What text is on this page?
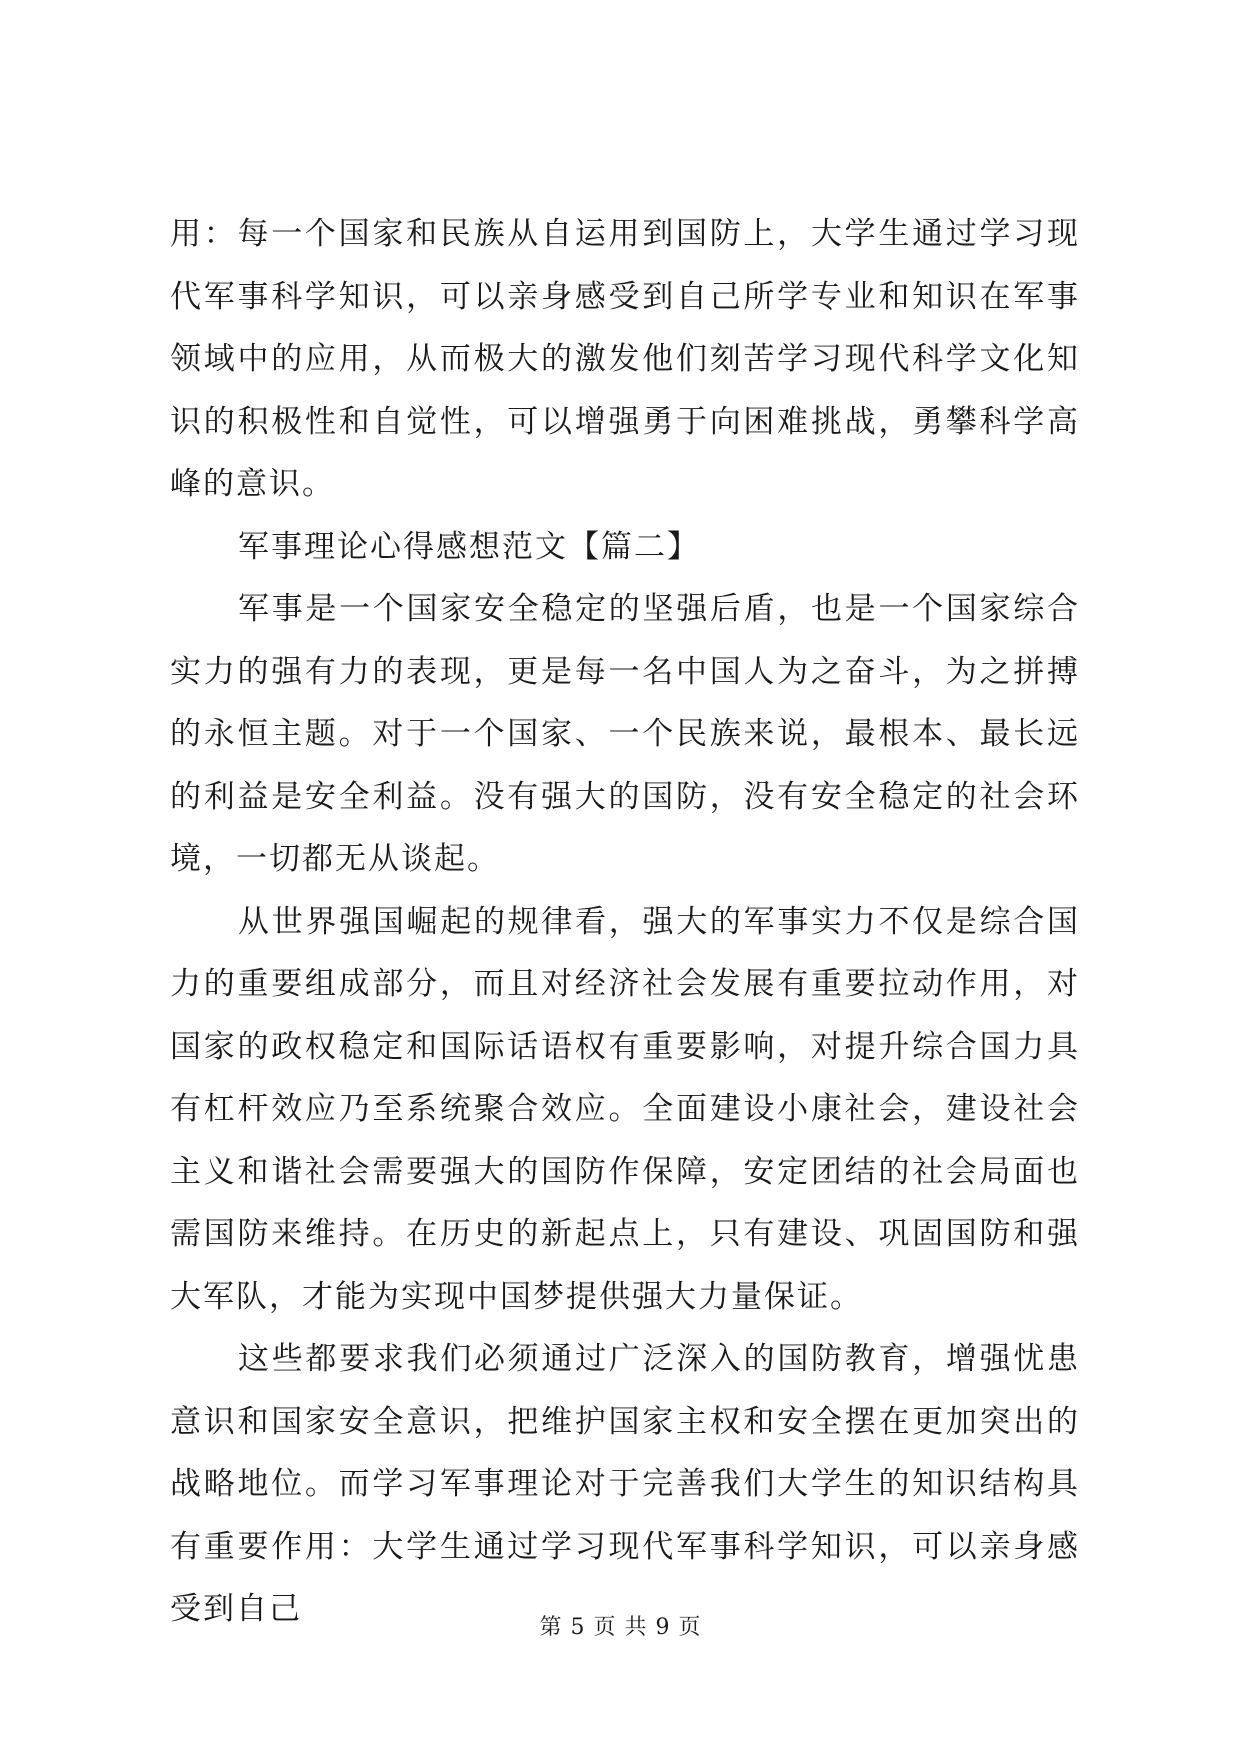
用：每一个国家和民族从自运用到国防上，大学生通过学习现代军事科学知识，可以亲身感受到自己所学专业和知识在军事领域中的应用，从而极大的激发他们刻苦学习现代科学文化知识的积极性和自觉性，可以增强勇于向困难挑战，勇攀科学高峰的意识。

军事理论心得感想范文【篇二】

军事是一个国家安全稳定的坚强后盾，也是一个国家综合实力的强有力的表现，更是每一名中国人为之奋斗，为之拼搏的永恒主题。对于一个国家、一个民族来说，最根本、最长远的利益是安全利益。没有强大的国防，没有安全稳定的社会环境，一切都无从谈起。

从世界强国崛起的规律看，强大的军事实力不仅是综合国力的重要组成部分，而且对经济社会发展有重要拉动作用，对国家的政权稳定和国际话语权有重要影响，对提升综合国力具有杠杆效应乃至系统聚合效应。全面建设小康社会，建设社会主义和谐社会需要强大的国防作保障，安定团结的社会局面也需国防来维持。在历史的新起点上，只有建设、巩固国防和强大军队，才能为实现中国梦提供强大力量保证。

这些都要求我们必须通过广泛深入的国防教育，增强忧患意识和国家安全意识，把维护国家主权和安全摆在更加突出的战略地位。而学习军事理论对于完善我们大学生的知识结构具有重要作用：大学生通过学习现代军事科学知识，可以亲身感受到自己

第 5 页 共 9 页
